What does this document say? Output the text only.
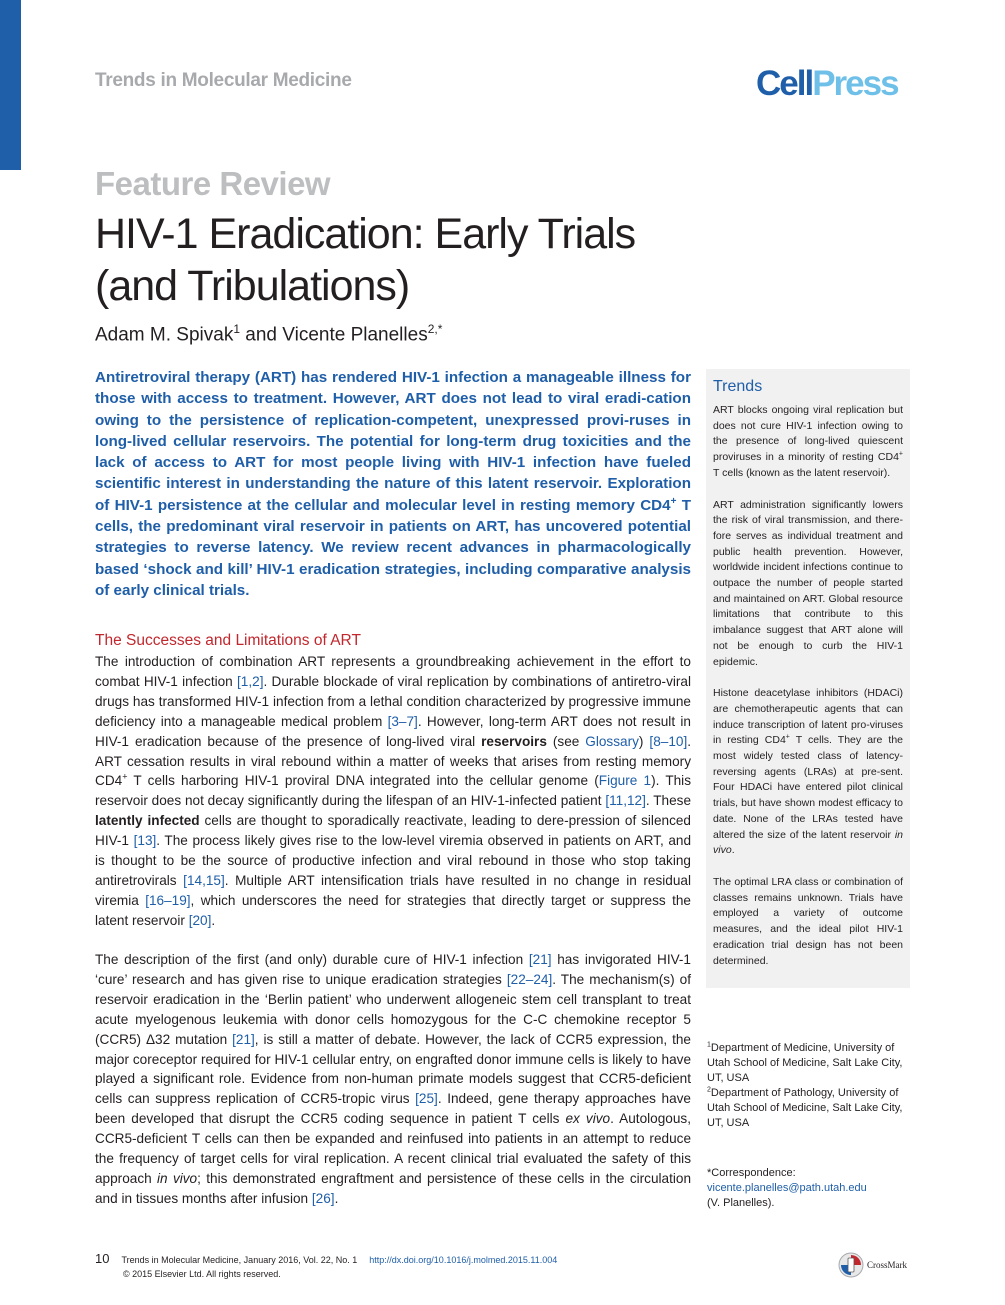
Trends in Molecular Medicine	CellPress
Feature Review
HIV-1 Eradication: Early Trials
(and Tribulations)
Adam M. Spivak$^1$ and Vicente Planelles$^{2,*}$
Antiretroviral therapy (ART) has rendered HIV-1 infection a manageable illness for those with access to treatment. However, ART does not lead to viral eradi-cation owing to the persistence of replication-competent, unexpressed provi-ruses in long-lived cellular reservoirs. The potential for long-term drug toxicities and the lack of access to ART for most people living with HIV-1 infection have fueled scientific interest in understanding the nature of this latent reservoir. Exploration of HIV-1 persistence at the cellular and molecular level in resting memory CD4+ T cells, the predominant viral reservoir in patients on ART, has uncovered potential strategies to reverse latency. We review recent advances in pharmacologically based ‘shock and kill’ HIV-1 eradication strategies, including comparative analysis of early clinical trials.
The Successes and Limitations of ART
The introduction of combination ART represents a groundbreaking achievement in the effort to combat HIV-1 infection [1,2]. Durable blockade of viral replication by combinations of antiretro-viral drugs has transformed HIV-1 infection from a lethal condition characterized by progressive immune deficiency into a manageable medical problem [3–7]. However, long-term ART does not result in HIV-1 eradication because of the presence of long-lived viral reservoirs (see Glossary) [8–10]. ART cessation results in viral rebound within a matter of weeks that arises from resting memory CD4+ T cells harboring HIV-1 proviral DNA integrated into the cellular genome (Figure 1). This reservoir does not decay significantly during the lifespan of an HIV-1-infected patient [11,12]. These latently infected cells are thought to sporadically reactivate, leading to dere-pression of silenced HIV-1 [13]. The process likely gives rise to the low-level viremia observed in patients on ART, and is thought to be the source of productive infection and viral rebound in those who stop taking antiretrovirals [14,15]. Multiple ART intensification trials have resulted in no change in residual viremia [16–19], which underscores the need for strategies that directly target or suppress the latent reservoir [20].
The description of the first (and only) durable cure of HIV-1 infection [21] has invigorated HIV-1 ‘cure’ research and has given rise to unique eradication strategies [22–24]. The mechanism(s) of reservoir eradication in the ‘Berlin patient’ who underwent allogeneic stem cell transplant to treat acute myelogenous leukemia with donor cells homozygous for the C-C chemokine receptor 5 (CCR5) Δ32 mutation [21], is still a matter of debate. However, the lack of CCR5 expression, the major coreceptor required for HIV-1 cellular entry, on engrafted donor immune cells is likely to have played a significant role. Evidence from non-human primate models suggest that CCR5-deficient cells can suppress replication of CCR5-tropic virus [25]. Indeed, gene therapy approaches have been developed that disrupt the CCR5 coding sequence in patient T cells ex vivo. Autologous, CCR5-deficient T cells can then be expanded and reinfused into patients in an attempt to reduce the frequency of target cells for viral replication. A recent clinical trial evaluated the safety of this approach in vivo; this demonstrated engraftment and persistence of these cells in the circulation and in tissues months after infusion [26].
Trends
ART blocks ongoing viral replication but does not cure HIV-1 infection owing to the presence of long-lived quiescent proviruses in a minority of resting CD4+ T cells (known as the latent reservoir).
ART administration significantly lowers the risk of viral transmission, and there-fore serves as individual treatment and public health prevention. However, worldwide incident infections continue to outpace the number of people started and maintained on ART. Global resource limitations that contribute to this imbalance suggest that ART alone will not be enough to curb the HIV-1 epidemic.
Histone deacetylase inhibitors (HDACi) are chemotherapeutic agents that can induce transcription of latent pro-viruses in resting CD4+ T cells. They are the most widely tested class of latency-reversing agents (LRAs) at pre-sent. Four HDACi have entered pilot clinical trials, but have shown modest efficacy to date. None of the LRAs tested have altered the size of the latent reservoir in vivo.
The optimal LRA class or combination of classes remains unknown. Trials have employed a variety of outcome measures, and the ideal pilot HIV-1 eradication trial design has not been determined.
$^1$Department of Medicine, University of Utah School of Medicine, Salt Lake City, UT, USA
$^2$Department of Pathology, University of Utah School of Medicine, Salt Lake City, UT, USA
*Correspondence:
vicente.planelles@path.utah.edu
(V. Planelles).
10 Trends in Molecular Medicine, January 2016, Vol. 22, No. 1 http://dx.doi.org/10.1016/j.molmed.2015.11.004
© 2015 Elsevier Ltd. All rights reserved.
CrossMark
